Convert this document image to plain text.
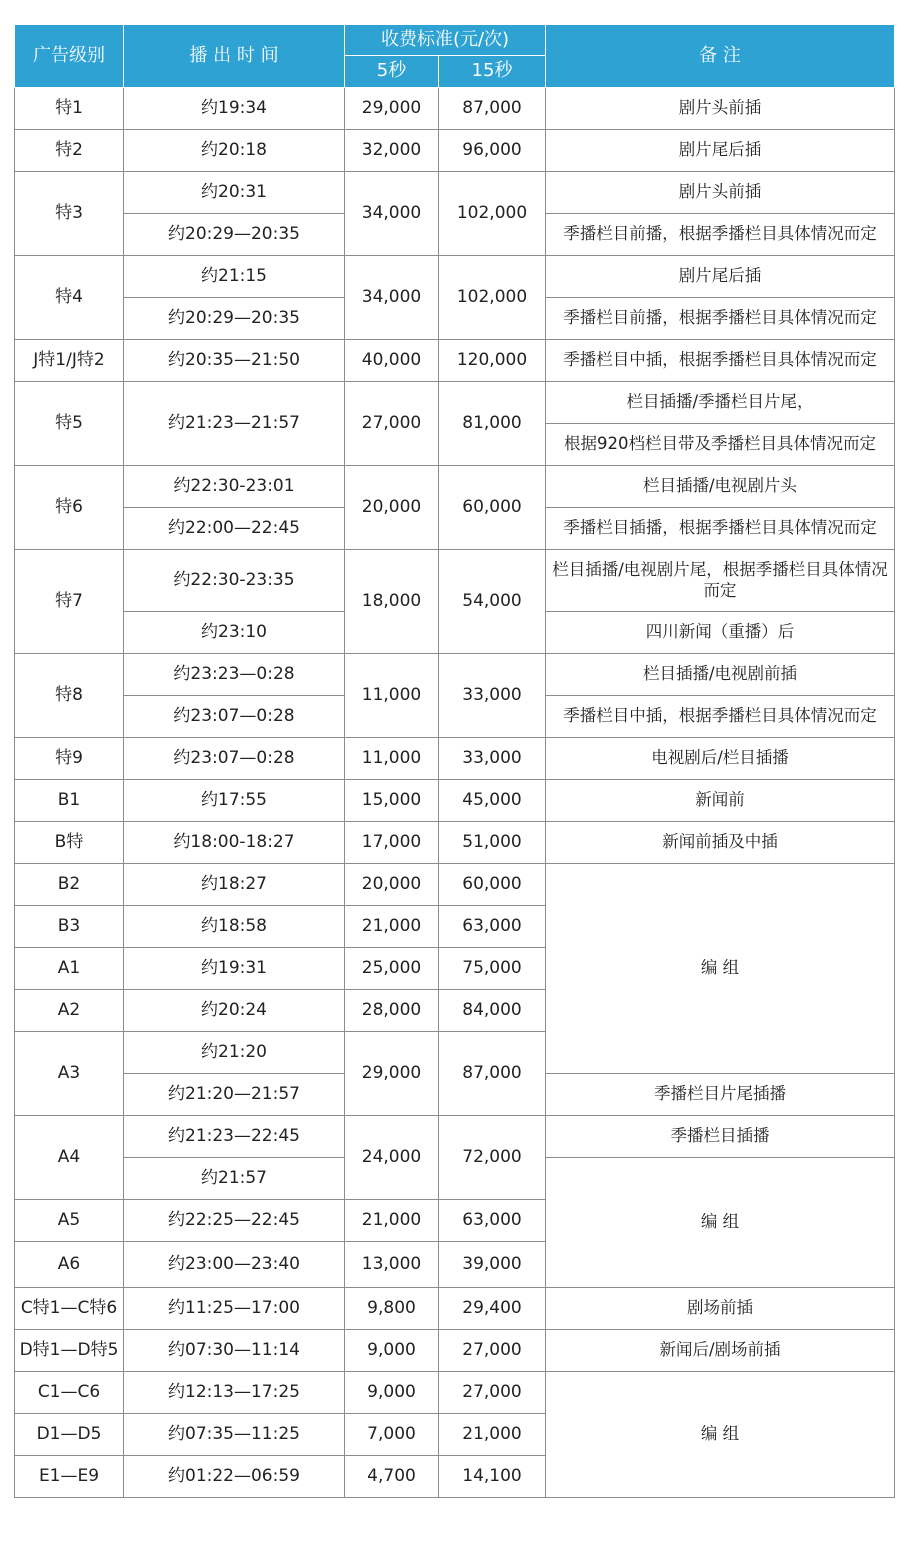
广告级别	播 出 时 间	收费标准(元/次)		备 注
		5秒	15秒	
特1	约19:34	29,000	87,000	剧片头前插
特2	约20:18	32,000	96,000	剧片尾后插
特3	约20:31	34,000	102,000	剧片头前插
	约20:29—20:35			季播栏目前播，根据季播栏目具体情况而定
特4	约21:15	34,000	102,000	剧片尾后插
	约20:29—20:35			季播栏目前播，根据季播栏目具体情况而定
J特1/J特2	约20:35—21:50	40,000	120,000	季播栏目中插，根据季播栏目具体情况而定
特5	约21:23—21:57	27,000	81,000	栏目插播/季播栏目片尾，
				根据920档栏目带及季播栏目具体情况而定
特6	约22:30-23:01	20,000	60,000	栏目插播/电视剧片头
	约22:00—22:45			季播栏目插播，根据季播栏目具体情况而定
特7	约22:30-23:35	18,000	54,000	栏目插播/电视剧片尾，根据季播栏目具体情况而定
	约23:10			四川新闻（重播）后
特8	约23:23—0:28	11,000	33,000	栏目插播/电视剧前插
	约23:07—0:28			季播栏目中插，根据季播栏目具体情况而定
特9	约23:07—0:28	11,000	33,000	电视剧后/栏目插播
B1	约17:55	15,000	45,000	新闻前
B特	约18:00-18:27	17,000	51,000	新闻前插及中插
B2	约18:27	20,000	60,000	编 组
B3	约18:58	21,000	63,000	
A1	约19:31	25,000	75,000	
A2	约20:24	28,000	84,000	
A3	约21:20	29,000	87,000	
	约21:20—21:57			季播栏目片尾插播
A4	约21:23—22:45	24,000	72,000	季播栏目插播
	约21:57			编 组
A5	约22:25—22:45	21,000	63,000	
A6	约23:00—23:40	13,000	39,000	
C特1—C特6	约11:25—17:00	9,800	29,400	剧场前插
D特1—D特5	约07:30—11:14	9,000	27,000	新闻后/剧场前插
C1—C6	约12:13—17:25	9,000	27,000	编 组
D1—D5	约07:35—11:25	7,000	21,000	
E1—E9	约01:22—06:59	4,700	14,100	
